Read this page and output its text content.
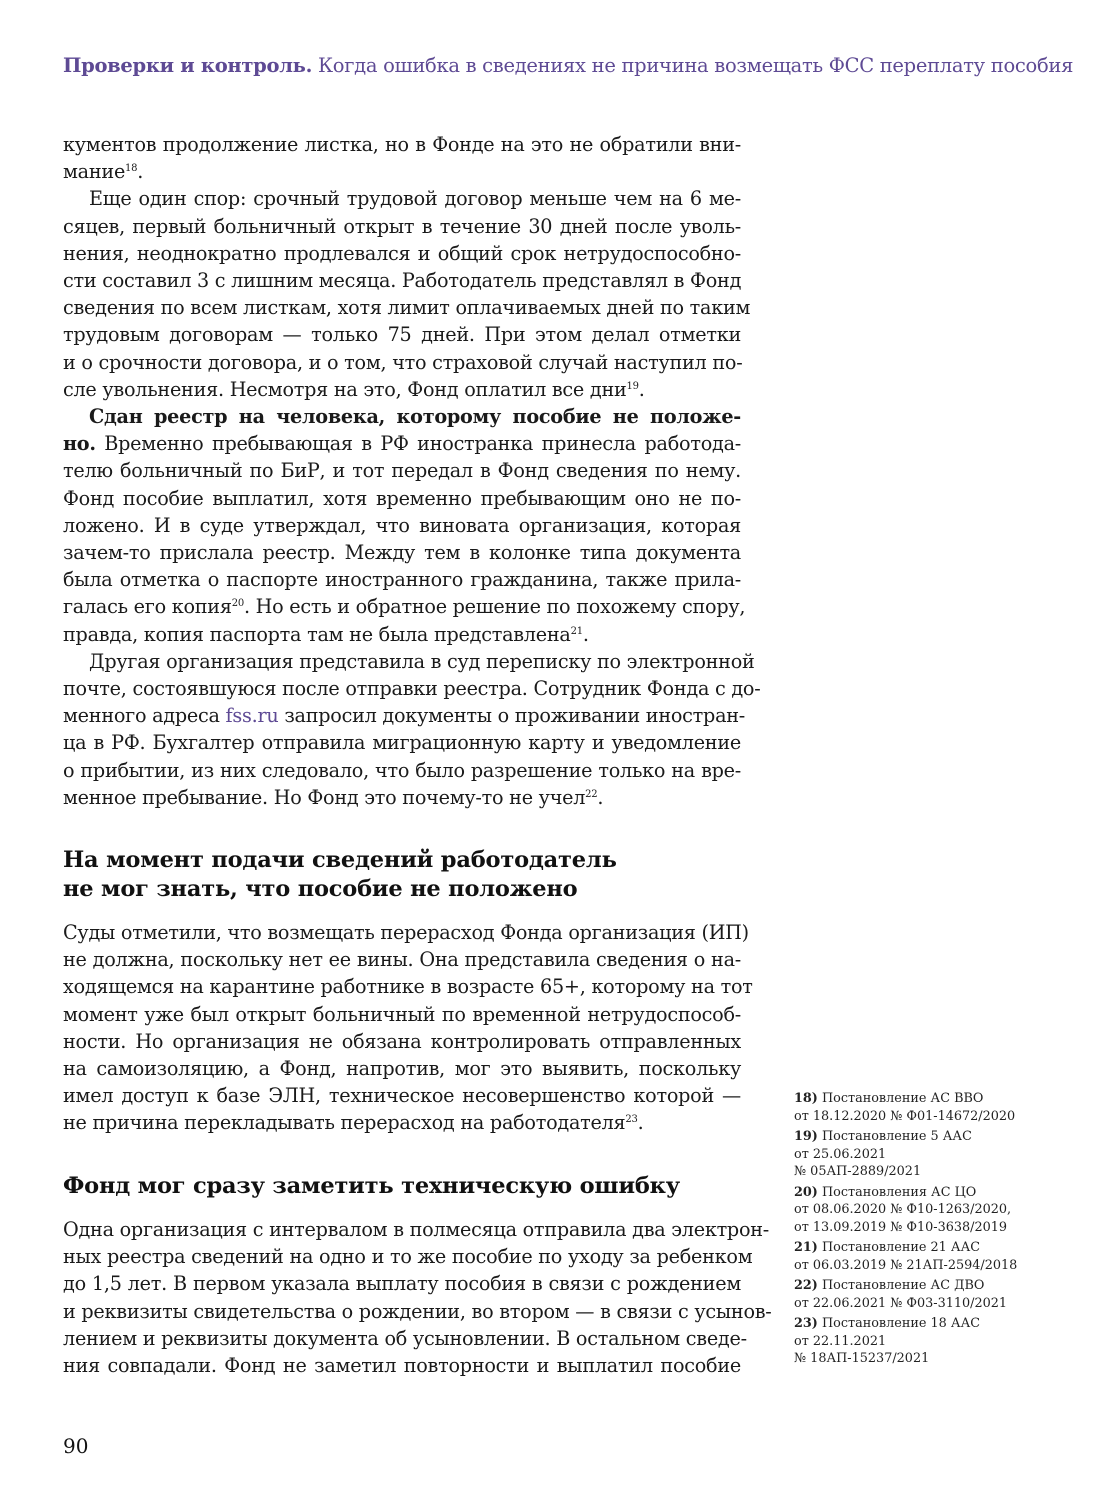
Проверки и контроль. Когда ошибка в сведениях не причина возмещать ФСС переплату пособия

кументов продолжение листка, но в Фонде на это не обратили вни-
мание$^{18}$.

Еще один спор: срочный трудовой договор меньше чем на 6 ме-
сяцев, первый больничный открыт в течение 30 дней после уволь-
нения, неоднократно продлевался и общий срок нетрудоспособно-
сти составил 3 с лишним месяца. Работодатель представлял в Фонд
сведения по всем листкам, хотя лимит оплачиваемых дней по таким
трудовым договорам — только 75 дней. При этом делал отметки
и о срочности договора, и о том, что страховой случай наступил по-
сле увольнения. Несмотря на это, Фонд оплатил все дни$^{19}$.

Сдан реестр на человека, которому пособие не положе-
но. Временно пребывающая в РФ иностранка принесла работода-
телю больничный по БиР, и тот передал в Фонд сведения по нему.
Фонд пособие выплатил, хотя временно пребывающим оно не по-
ложено. И в суде утверждал, что виновата организация, которая
зачем-то прислала реестр. Между тем в колонке типа документа
была отметка о паспорте иностранного гражданина, также прила-
галась его копия$^{20}$. Но есть и обратное решение по похожему спору,
правда, копия паспорта там не была представлена$^{21}$.

Другая организация представила в суд переписку по электронной
почте, состоявшуюся после отправки реестра. Сотрудник Фонда с до-
менного адреса fss.ru запросил документы о проживании иностран-
ца в РФ. Бухгалтер отправила миграционную карту и уведомление
о прибытии, из них следовало, что было разрешение только на вре-
менное пребывание. Но Фонд это почему-то не учел$^{22}$.

На момент подачи сведений работодатель
не мог знать, что пособие не положено
Суды отметили, что возмещать перерасход Фонда организация (ИП)
не должна, поскольку нет ее вины. Она представила сведения о на-
ходящемся на карантине работнике в возрасте 65+, которому на тот
момент уже был открыт больничный по временной нетрудоспособ-
ности. Но организация не обязана контролировать отправленных
на самоизоляцию, а Фонд, напротив, мог это выявить, поскольку
имел доступ к базе ЭЛН, техническое несовершенство которой —
не причина перекладывать перерасход на работодателя$^{23}$.
Фонд мог сразу заметить техническую ошибку
Одна организация с интервалом в полмесяца отправила два электрон-
ных реестра сведений на одно и то же пособие по уходу за ребенком
до 1,5 лет. В первом указала выплату пособия в связи с рождением
и реквизиты свидетельства о рождении, во втором — в связи с усынов-
лением и реквизиты документа об усыновлении. В остальном сведе-
ния совпадали. Фонд не заметил повторности и выплатил пособие
18) Постановление АС ВВО
от 18.12.2020 № Ф01-14672/2020
19) Постановление 5 ААС
от 25.06.2021
№ 05АП-2889/2021
20) Постановления АС ЦО
от 08.06.2020 № Ф10-1263/2020,
от 13.09.2019 № Ф10-3638/2019
21) Постановление 21 ААС
от 06.03.2019 № 21АП-2594/2018
22) Постановление АС ДВО
от 22.06.2021 № Ф03-3110/2021
23) Постановление 18 ААС
от 22.11.2021
№ 18АП-15237/2021
90
